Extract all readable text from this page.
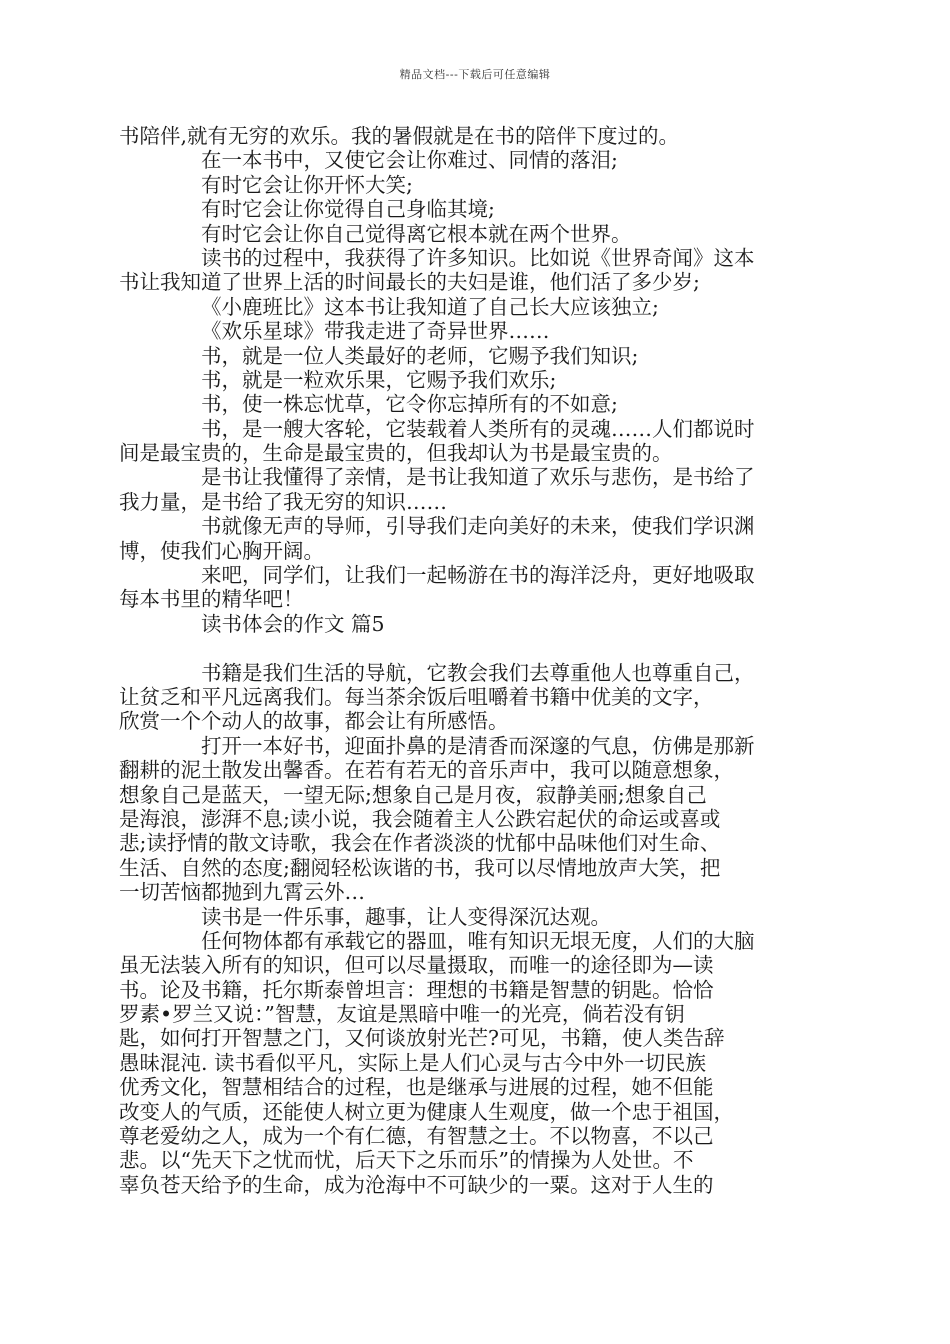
精品文档---下载后可任意编辑
书陪伴,就有无穷的欢乐。我的暑假就是在书的陪伴下度过的。
在一本书中，又使它会让你难过、同情的落泪;
有时它会让你开怀大笑;
有时它会让你觉得自己身临其境;
有时它会让你自己觉得离它根本就在两个世界。
读书的过程中，我获得了许多知识。比如说《世界奇闻》这本
书让我知道了世界上活的时间最长的夫妇是谁，他们活了多少岁;
《小鹿班比》这本书让我知道了自己长大应该独立;
《欢乐星球》带我走进了奇异世界……
书，就是一位人类最好的老师，它赐予我们知识;
书，就是一粒欢乐果，它赐予我们欢乐;
书，使一株忘忧草，它令你忘掉所有的不如意;
书，是一艘大客轮，它装载着人类所有的灵魂……人们都说时
间是最宝贵的，生命是最宝贵的，但我却认为书是最宝贵的。
是书让我懂得了亲情，是书让我知道了欢乐与悲伤，是书给了
我力量，是书给了我无穷的知识……
书就像无声的导师，引导我们走向美好的未来，使我们学识渊
博，使我们心胸开阔。
来吧，同学们，让我们一起畅游在书的海洋泛舟，更好地吸取
每本书里的精华吧！
读书体会的作文 篇5
书籍是我们生活的导航，它教会我们去尊重他人也尊重自己，
让贫乏和平凡远离我们。每当茶余饭后咀嚼着书籍中优美的文字，
欣赏一个个动人的故事，都会让有所感悟。
打开一本好书，迎面扑鼻的是清香而深邃的气息，仿佛是那新
翻耕的泥土散发出馨香。在若有若无的音乐声中，我可以随意想象，
想象自己是蓝天，一望无际;想象自己是月夜，寂静美丽;想象自己
是海浪，澎湃不息;读小说，我会随着主人公跌宕起伏的命运或喜或
悲;读抒情的散文诗歌，我会在作者淡淡的忧郁中品味他们对生命、
生活、自然的态度;翻阅轻松诙谐的书，我可以尽情地放声大笑，把
一切苦恼都抛到九霄云外…
读书是一件乐事，趣事，让人变得深沉达观。
任何物体都有承载它的器皿，唯有知识无垠无度，人们的大脑
虽无法装入所有的知识，但可以尽量摄取，而唯一的途径即为—读
书。论及书籍，托尔斯泰曾坦言：理想的书籍是智慧的钥匙。恰恰
罗素•罗兰又说：”智慧，友谊是黑暗中唯一的光亮，倘若没有钥
匙，如何打开智慧之门，又何谈放射光芒?可见，书籍，使人类告辞
愚昧混沌. 读书看似平凡，实际上是人们心灵与古今中外一切民族
优秀文化，智慧相结合的过程，也是继承与进展的过程，她不但能
改变人的气质，还能使人树立更为健康人生观度，做一个忠于祖国，
尊老爱幼之人，成为一个有仁德，有智慧之士。不以物喜，不以己
悲。以“先天下之忧而忧，后天下之乐而乐”的情操为人处世。不
辜负苍天给予的生命，成为沧海中不可缺少的一粟。这对于人生的
